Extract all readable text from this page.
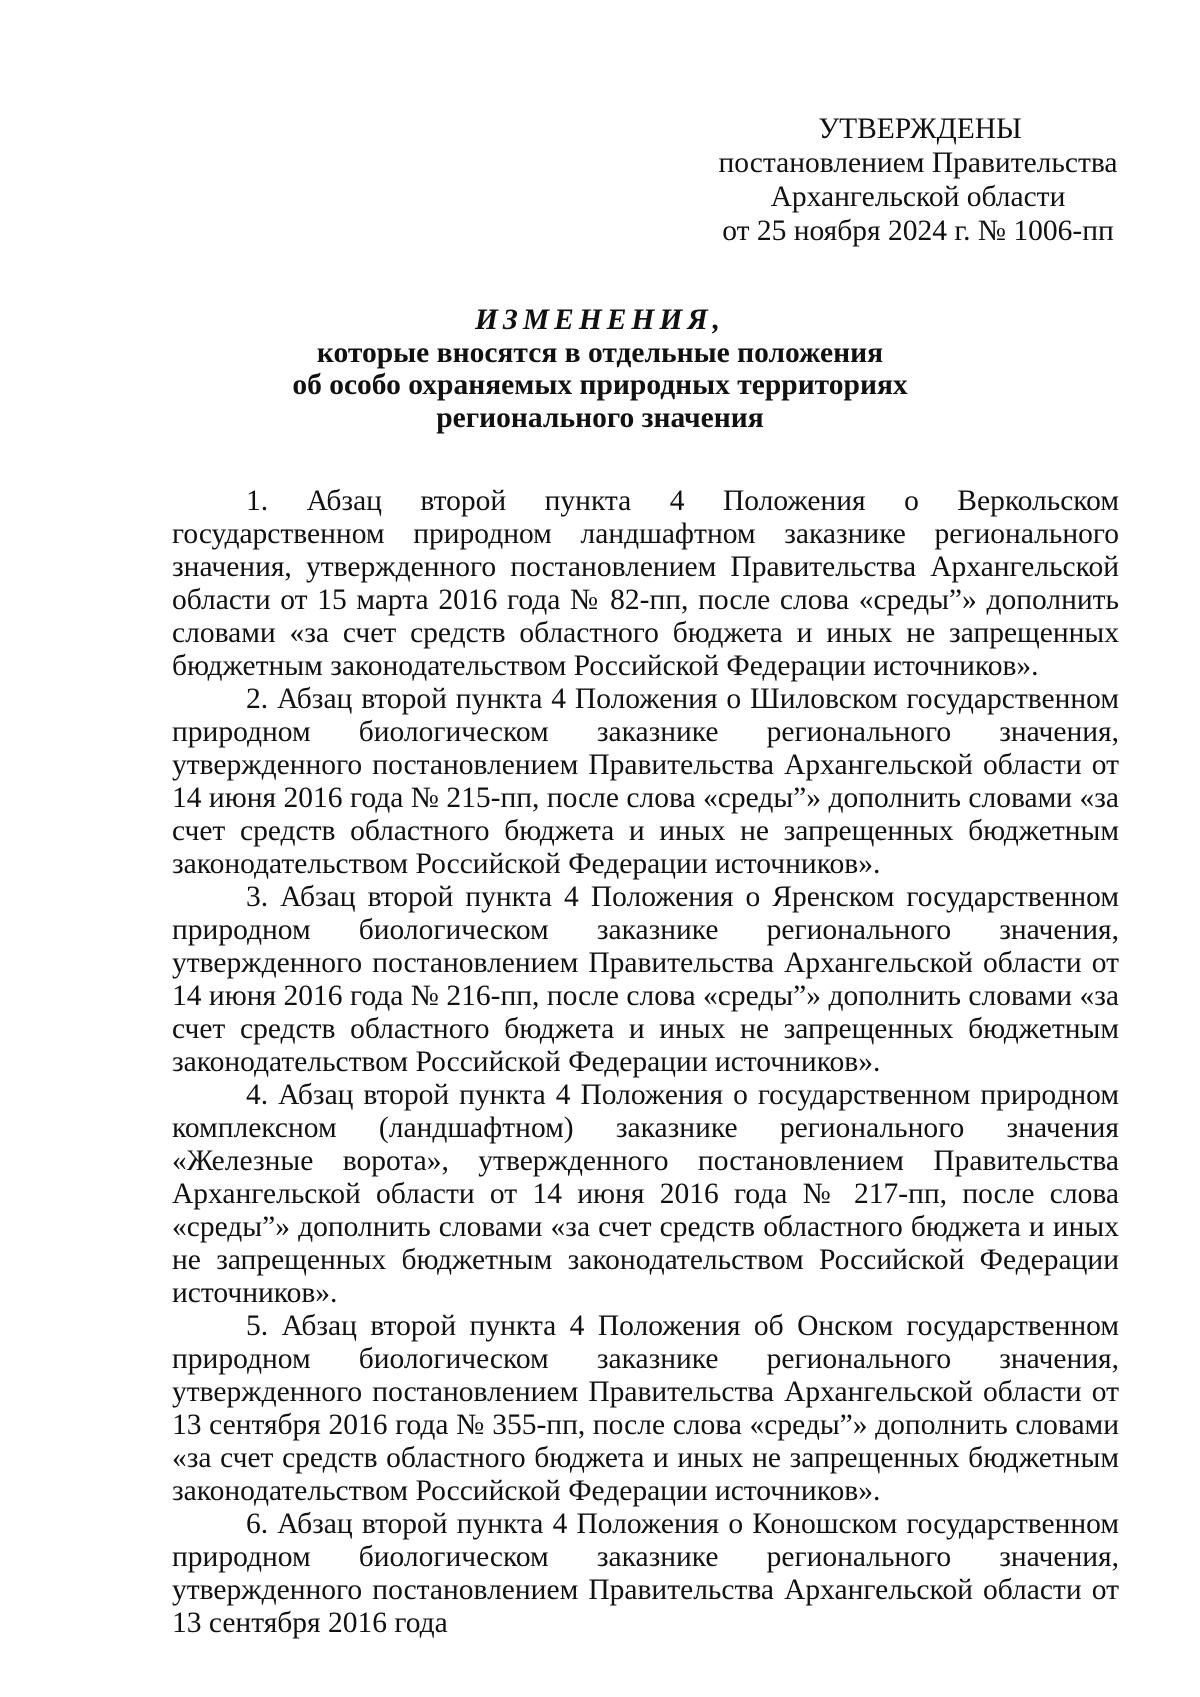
УТВЕРЖДЕНЫ
постановлением Правительства
Архангельской области
от 25 ноября 2024 г. № 1006-пп
ИЗМЕНЕНИЯ,
которые вносятся в отдельные положения
об особо охраняемых природных территориях
регионального значения

1. Абзац второй пункта 4 Положения о Веркольском государственном природном ландшафтном заказнике регионального значения, утвержденного постановлением Правительства Архангельской области от 15 марта 2016 года № 82-пп, после слова «среды”» дополнить словами «за счет средств областного бюджета и иных не запрещенных бюджетным законодательством Российской Федерации источников».

2. Абзац второй пункта 4 Положения о Шиловском государственном природном биологическом заказнике регионального значения, утвержденного постановлением Правительства Архангельской области от 14 июня 2016 года № 215-пп, после слова «среды”» дополнить словами «за счет средств областного бюджета и иных не запрещенных бюджетным законодательством Российской Федерации источников».

3. Абзац второй пункта 4 Положения о Яренском государственном природном биологическом заказнике регионального значения, утвержденного постановлением Правительства Архангельской области от 14 июня 2016 года № 216-пп, после слова «среды”» дополнить словами «за счет средств областного бюджета и иных не запрещенных бюджетным законодательством Российской Федерации источников».

4. Абзац второй пункта 4 Положения о государственном природном комплексном (ландшафтном) заказнике регионального значения «Железные ворота», утвержденного постановлением Правительства Архангельской области от 14 июня 2016 года № 217-пп, после слова «среды”» дополнить словами «за счет средств областного бюджета и иных не запрещенных бюджетным законодательством Российской Федерации источников».

5. Абзац второй пункта 4 Положения об Онском государственном природном биологическом заказнике регионального значения, утвержденного постановлением Правительства Архангельской области от 13 сентября 2016 года № 355-пп, после слова «среды”» дополнить словами «за счет средств областного бюджета и иных не запрещенных бюджетным законодательством Российской Федерации источников».

6. Абзац второй пункта 4 Положения о Коношском государственном природном биологическом заказнике регионального значения, утвержденного постановлением Правительства Архангельской области от 13 сентября 2016 года
